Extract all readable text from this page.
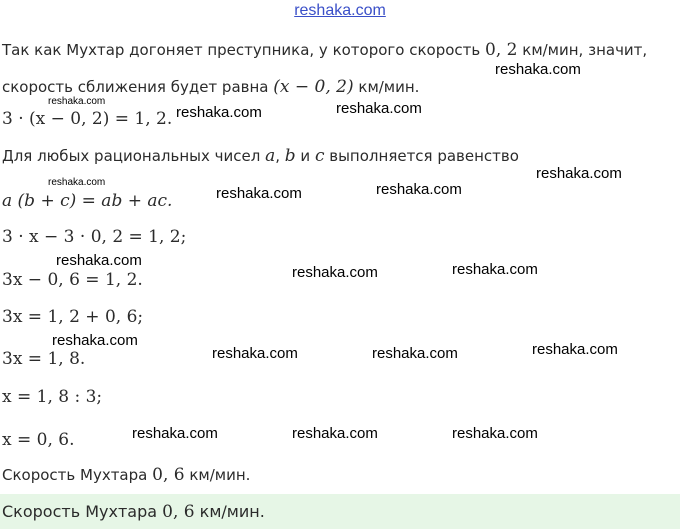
reshaka.com
Так как Мухтар догоняет преступника, у которого скорость 0, 2 км/мин, значит,
скорость сближения будет равна (x − 0, 2) км/мин.
3 · (x − 0, 2) = 1, 2.
Для любых рациональных чисел a, b и c выполняется равенство
a (b + c) = ab + ac.
3 · x − 3 · 0, 2 = 1, 2;
3x − 0, 6 = 1, 2.
3x = 1, 2 + 0, 6;
3x = 1, 8.
x = 1, 8 : 3;
x = 0, 6.
Скорость Мухтара 0, 6 км/мин.
Скорость Мухтара 0, 6 км/мин.
reshaka.com
reshaka.com
reshaka.com	reshaka.com
reshaka.com
reshaka.com
reshaka.com	reshaka.com
reshaka.com
reshaka.com	reshaka.com
reshaka.com
reshaka.com	reshaka.com	reshaka.com
reshaka.com	reshaka.com	reshaka.com
